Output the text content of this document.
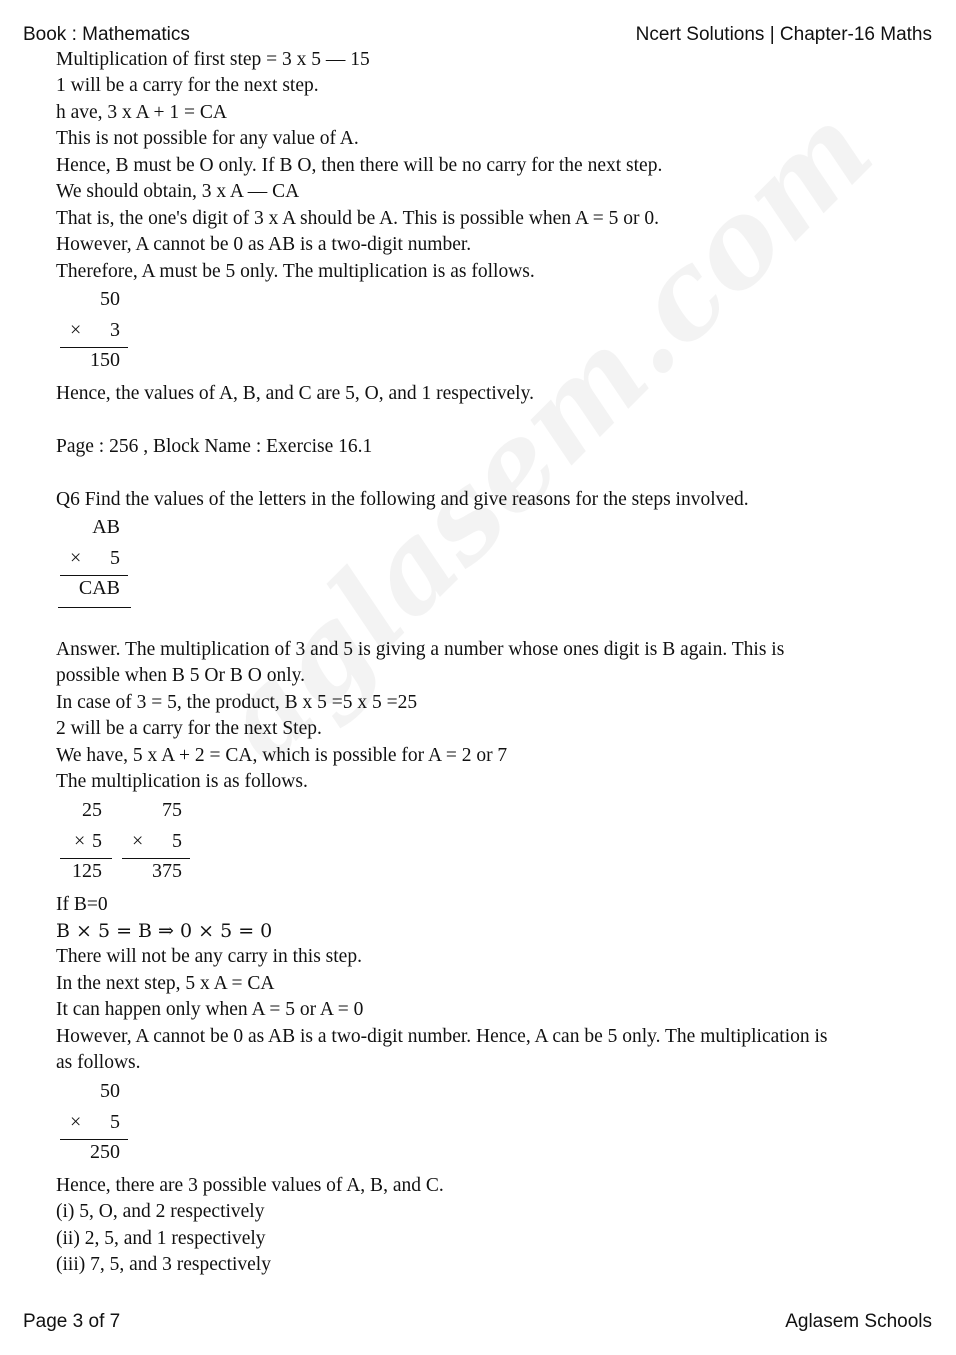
Book : Mathematics	Ncert Solutions | Chapter-16 Maths
Multiplication of first step = 3 x 5 — 15
1 will be a carry for the next step.
h ave, 3 x A + 1 = CA
This is not possible for any value of A.
Hence, B must be O only. If B O, then there will be no carry for the next step.
We should obtain, 3 x A — CA
That is, the one's digit of 3 x A should be A. This is possible when A = 5 or 0.
However, A cannot be 0 as AB is a two-digit number.
Therefore, A must be 5 only. The multiplication is as follows.
50
× 3
150
Hence, the values of A, B, and C are 5, O, and 1 respectively.
Page : 256 , Block Name : Exercise 16.1
Q6 Find the values of the letters in the following and give reasons for the steps involved.
AB
× 5
CAB
Answer. The multiplication of 3 and 5 is giving a number whose ones digit is B again. This is
possible when B 5 Or B O only.
In case of 3 = 5, the product, B x 5 =5 x 5 =25
2 will be a carry for the next Step.
We have, 5 x A + 2 = CA, which is possible for A = 2 or 7
The multiplication is as follows.
25
× 5
125
75
× 5
375
If B=0
B × 5 = B ⇒ 0 × 5 = 0
There will not be any carry in this step.
In the next step, 5 x A = CA
It can happen only when A = 5 or A = 0
However, A cannot be 0 as AB is a two-digit number. Hence, A can be 5 only. The multiplication is
as follows.
50
× 5
250
Hence, there are 3 possible values of A, B, and C.
(i) 5, O, and 2 respectively
(ii) 2, 5, and 1 respectively
(iii) 7, 5, and 3 respectively
Page 3 of 7	Aglasem Schools
